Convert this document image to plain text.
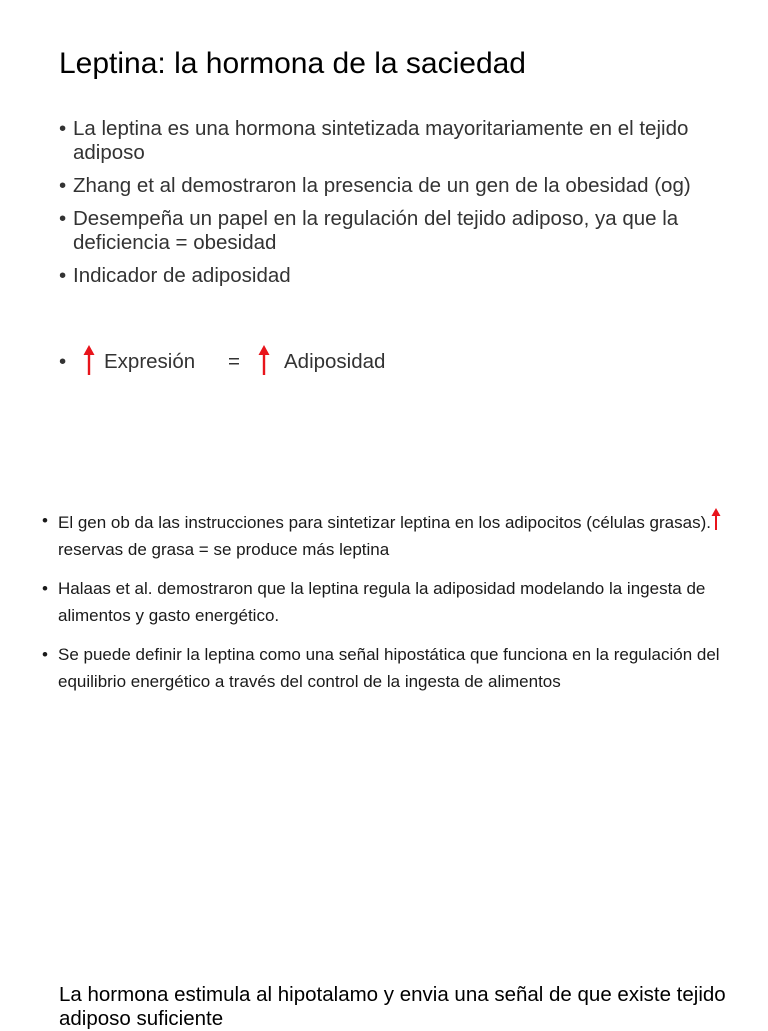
Leptina: la hormona de la saciedad
• La leptina es una hormona sintetizada mayoritariamente en el tejido adiposo
• Zhang et al demostraron la presencia de un gen de la obesidad (og)
• Desempeña un papel en la regulación del tejido adiposo, ya que la deficiencia = obesidad
• Indicador de adiposidad
• Expresión = Adiposidad
• El gen ob da las instrucciones para sintetizar leptina en los adipocitos (células grasas).reservas de grasa = se produce más leptina
• Halaas et al. demostraron que la leptina regula la adiposidad modelando la ingesta de alimentos y gasto energético.
• Se puede definir la leptina como una señal hipostática que funciona en la regulación del equilibrio energético a través del control de la ingesta de alimentos
La hormona estimula al hipotalamo y envia una señal de que existe tejido adiposo suficiente
